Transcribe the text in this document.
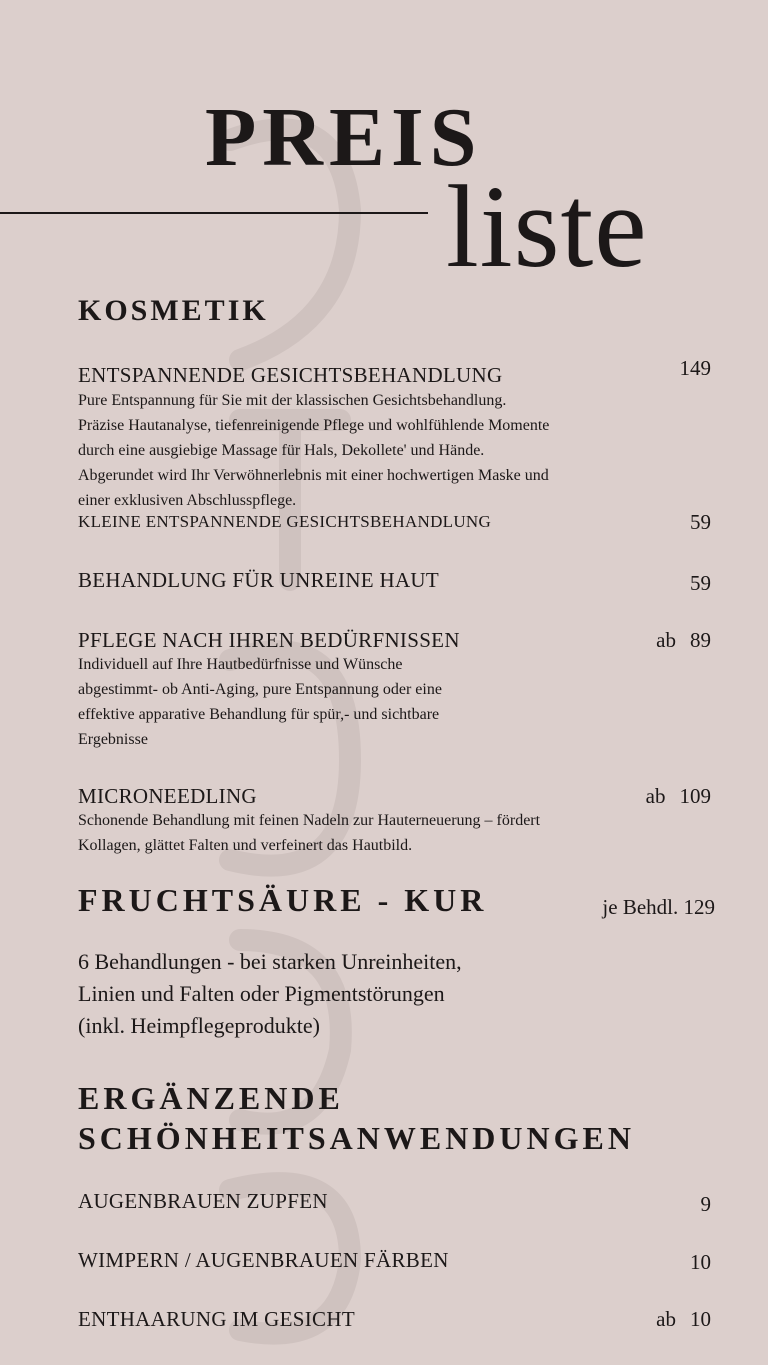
PREIS
liste
KOSMETIK
ENTSPANNENDE GESICHTSBEHANDLUNG	149
Pure Entspannung für Sie mit der klassischen Gesichtsbehandlung.
Präzise Hautanalyse, tiefenreinigende Pflege und wohlfühlende Momente
durch eine ausgiebige Massage für Hals, Dekollete' und Hände.
Abgerundet wird Ihr Verwöhnerlebnis mit einer hochwertigen Maske und
einer exklusiven Abschlusspflege.
KLEINE ENTSPANNENDE GESICHTSBEHANDLUNG	59
BEHANDLUNG FÜR UNREINE HAUT	59
PFLEGE NACH IHREN BEDÜRFNISSEN	ab 89
Individuell auf Ihre Hautbedürfnisse und Wünsche
abgestimmt- ob Anti-Aging, pure Entspannung oder eine
effektive apparative Behandlung für spür,- und sichtbare
Ergebnisse
MICRONEEDLING	ab 109
Schonende Behandlung mit feinen Nadeln zur Hauterneuerung – fördert
Kollagen, glättet Falten und verfeinert das Hautbild.
FRUCHTSÄURE - KUR	je Behdl. 129
6 Behandlungen - bei starken Unreinheiten,
Linien und Falten oder Pigmentstörungen
(inkl. Heimpflegeprodukte)
ERGÄNZENDE
SCHÖNHEITSANWENDUNGEN
AUGENBRAUEN ZUPFEN	9
WIMPERN / AUGENBRAUEN FÄRBEN	10
ENTHAARUNG IM GESICHT	ab 10
